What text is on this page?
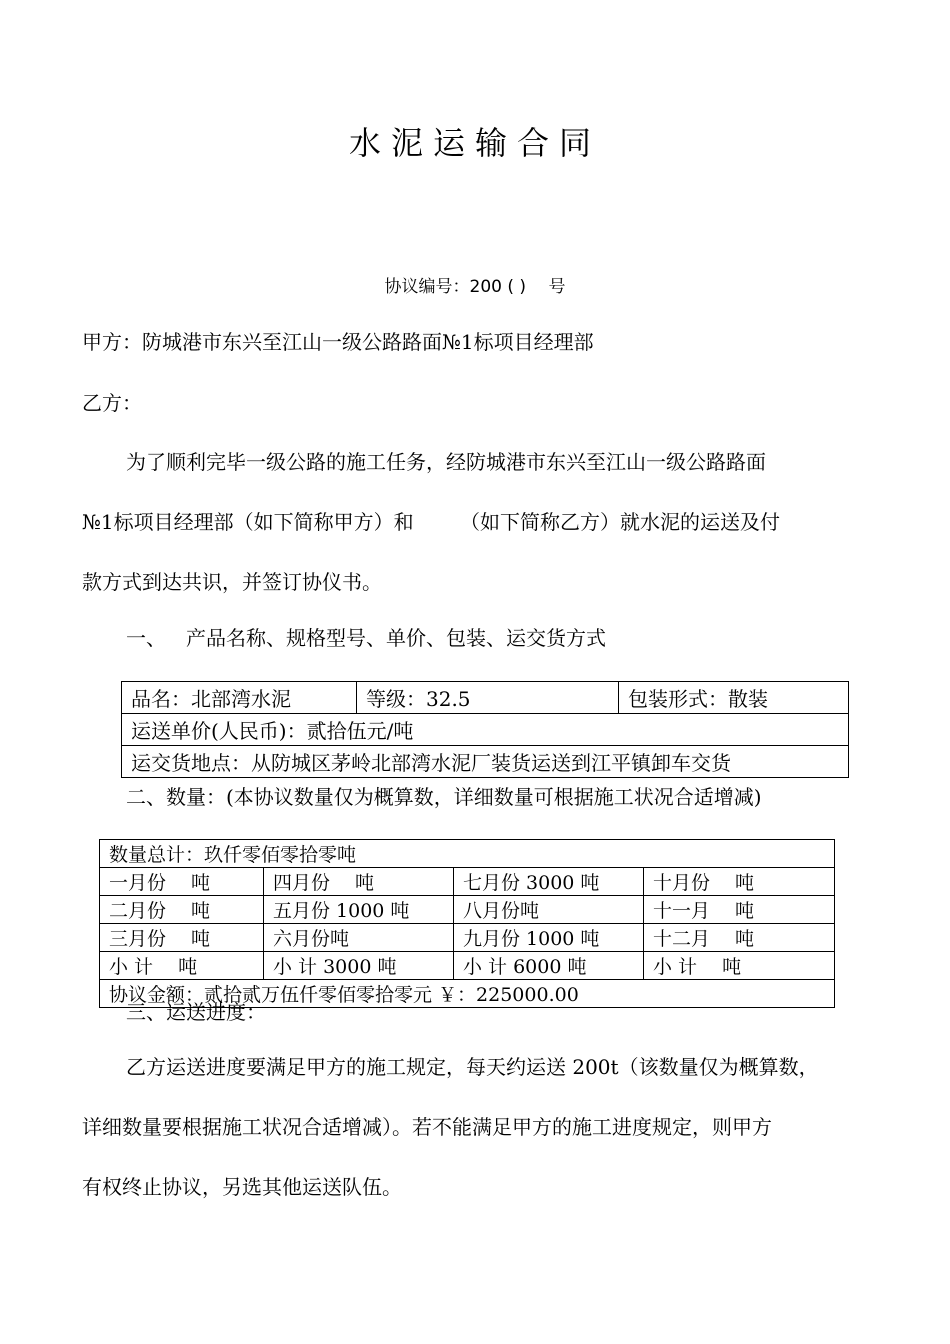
水泥运输合同
协议编号：200 ( )　 号
甲方：防城港市东兴至江山一级公路路面№1标项目经理部
乙方：
为了顺利完毕一级公路的施工任务，经防城港市东兴至江山一级公路路面
№1标项目经理部（如下简称甲方）和　　 （如下简称乙方）就水泥的运送及付
款方式到达共识，并签订协仪书。
一、 产品名称、规格型号、单价、包装、运交货方式
品名：北部湾水泥	等级：32.5	包装形式：散装
运送单价(人民币)：贰拾伍元/吨
运交货地点：从防城区茅岭北部湾水泥厂装货运送到江平镇卸车交货
二、数量：(本协议数量仅为概算数，详细数量可根据施工状况合适增减)
数量总计：玖仟零佰零拾零吨			
一月份　 吨	四月份　 吨	七月份 3000 吨	十月份　 吨
二月份　 吨	五月份 1000 吨	八月份吨	十一月　 吨
三月份　 吨	六月份吨	九月份 1000 吨	十二月　 吨
小 计　 吨	小 计 3000 吨	小 计 6000 吨	小 计　 吨
协议金额：贰拾贰万伍仟零佰零拾零元 ￥：225000.00			
三、运送进度：
乙方运送进度要满足甲方的施工规定，每天约运送 200t（该数量仅为概算数，
详细数量要根据施工状况合适增减）。若不能满足甲方的施工进度规定，则甲方
有权终止协议，另选其他运送队伍。
